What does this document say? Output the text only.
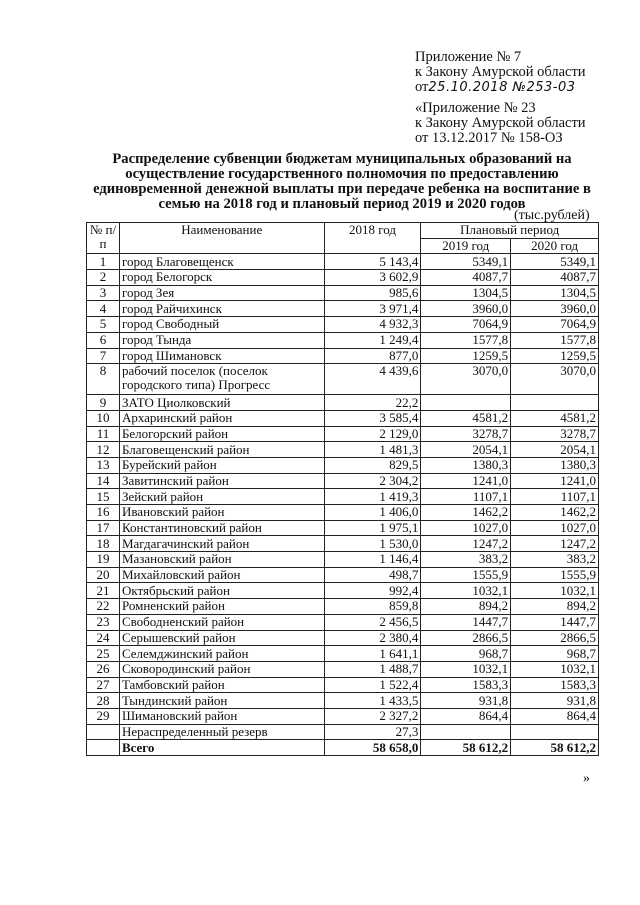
Приложение № 7
к Закону Амурской области
от25.10.2018 №253-03
«Приложение № 23
к Закону Амурской области
от 13.12.2017 № 158-ОЗ
Распределение субвенции бюджетам муниципальных образований на осуществление государственного полномочия по предоставлению единовременной денежной выплаты при передаче ребенка на воспитание в семью на 2018 год и плановый период 2019 и 2020 годов
(тыс.рублей)
№ п/п	Наименование	2018 год	Плановый период	
			2019 год	2020 год
1	город Благовещенск	5 143,4	5349,1	5349,1
2	город Белогорск	3 602,9	4087,7	4087,7
3	город Зея	985,6	1304,5	1304,5
4	город Райчихинск	3 971,4	3960,0	3960,0
5	город Свободный	4 932,3	7064,9	7064,9
6	город Тында	1 249,4	1577,8	1577,8
7	город Шимановск	877,0	1259,5	1259,5
8	рабочий поселок (поселок городского типа) Прогресс	4 439,6	3070,0	3070,0
9	ЗАТО Циолковский	22,2		
10	Архаринский район	3 585,4	4581,2	4581,2
11	Белогорский район	2 129,0	3278,7	3278,7
12	Благовещенский район	1 481,3	2054,1	2054,1
13	Бурейский район	829,5	1380,3	1380,3
14	Завитинский район	2 304,2	1241,0	1241,0
15	Зейский район	1 419,3	1107,1	1107,1
16	Ивановский район	1 406,0	1462,2	1462,2
17	Константиновский район	1 975,1	1027,0	1027,0
18	Магдагачинский район	1 530,0	1247,2	1247,2
19	Мазановский район	1 146,4	383,2	383,2
20	Михайловский район	498,7	1555,9	1555,9
21	Октябрьский район	992,4	1032,1	1032,1
22	Ромненский район	859,8	894,2	894,2
23	Свободненский район	2 456,5	1447,7	1447,7
24	Серышевский район	2 380,4	2866,5	2866,5
25	Селемджинский район	1 641,1	968,7	968,7
26	Сковородинский район	1 488,7	1032,1	1032,1
27	Тамбовский район	1 522,4	1583,3	1583,3
28	Тындинский район	1 433,5	931,8	931,8
29	Шимановский район	2 327,2	864,4	864,4
	Нераспределенный резерв	27,3		
	Всего	58 658,0	58 612,2	58 612,2
»
